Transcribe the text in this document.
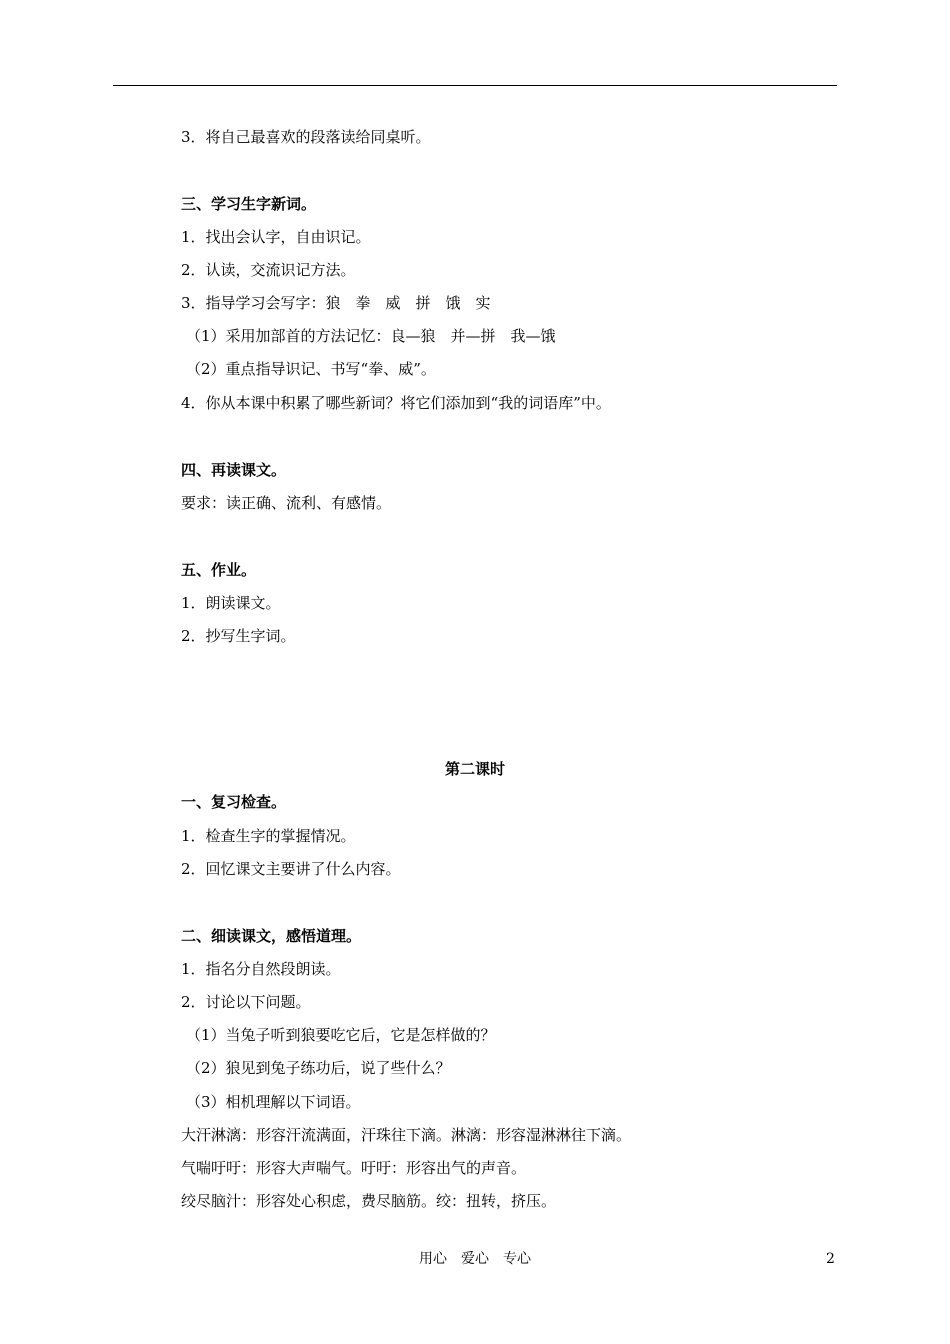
3．将自己最喜欢的段落读给同桌听。
三、学习生字新词。
1．找出会认字，自由识记。
2．认读，交流识记方法。
3．指导学习会写字：狼　拳　威　拼　饿　实
（1）采用加部首的方法记忆：良—狼　并—拼　我—饿
（2）重点指导识记、书写“拳、威”。
4．你从本课中积累了哪些新词？将它们添加到“我的词语库”中。
四、再读课文。
要求：读正确、流利、有感情。
五、作业。
1．朗读课文。
2．抄写生字词。
第二课时
一、复习检查。
1．检查生字的掌握情况。
2．回忆课文主要讲了什么内容。
二、细读课文，感悟道理。
1．指名分自然段朗读。
2．讨论以下问题。
（1）当兔子听到狼要吃它后，它是怎样做的？
（2）狼见到兔子练功后，说了些什么？
（3）相机理解以下词语。
大汗淋漓：形容汗流满面，汗珠往下滴。淋漓：形容湿淋淋往下滴。
气喘吁吁：形容大声喘气。吁吁：形容出气的声音。
绞尽脑汁：形容处心积虑，费尽脑筋。绞：扭转，挤压。
用心　爱心　专心	2
